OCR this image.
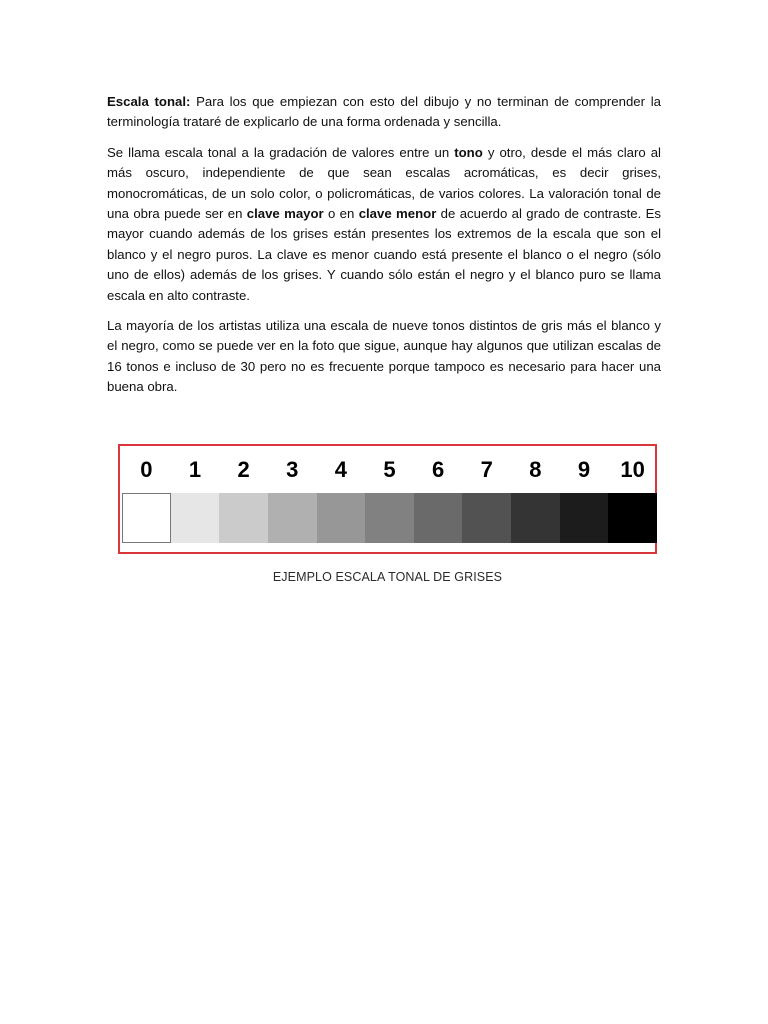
Escala tonal: Para los que empiezan con esto del dibujo y no terminan de comprender la terminología trataré de explicarlo de una forma ordenada y sencilla.

Se llama escala tonal a la gradación de valores entre un tono y otro, desde el más claro al más oscuro, independiente de que sean escalas acromáticas, es decir grises, monocromáticas, de un solo color, o policromáticas, de varios colores. La valoración tonal de una obra puede ser en clave mayor o en clave menor de acuerdo al grado de contraste. Es mayor cuando además de los grises están presentes los extremos de la escala que son el blanco y el negro puros. La clave es menor cuando está presente el blanco o el negro (sólo uno de ellos) además de los grises. Y cuando sólo están el negro y el blanco puro se llama escala en alto contraste.

La mayoría de los artistas utiliza una escala de nueve tonos distintos de gris más el blanco y el negro, como se puede ver en la foto que sigue, aunque hay algunos que utilizan escalas de 16 tonos e incluso de 30 pero no es frecuente porque tampoco es necesario para hacer una buena obra.

0	1	2	3	4	5	6	7	8	9	10
EJEMPLO ESCALA TONAL DE GRISES
